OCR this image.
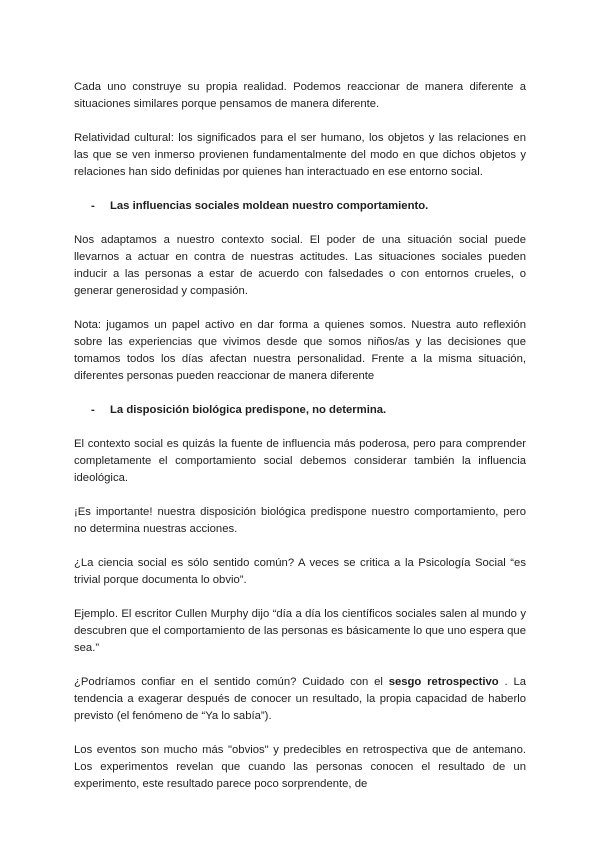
Cada uno construye su propia realidad. Podemos reaccionar de manera diferente a situaciones similares porque pensamos de manera diferente.

Relatividad cultural: los significados para el ser humano, los objetos y las relaciones en las que se ven inmerso provienen fundamentalmente del modo en que dichos objetos y relaciones han sido definidas por quienes han interactuado en ese entorno social.

-	Las influencias sociales moldean nuestro comportamiento.

Nos adaptamos a nuestro contexto social. El poder de una situación social puede llevarnos a actuar en contra de nuestras actitudes. Las situaciones sociales pueden inducir a las personas a estar de acuerdo con falsedades o con entornos crueles, o generar generosidad y compasión.

Nota: jugamos un papel activo en dar forma a quienes somos. Nuestra auto reflexión sobre las experiencias que vivimos desde que somos niños/as y las decisiones que tomamos todos los días afectan nuestra personalidad. Frente a la misma situación, diferentes personas pueden reaccionar de manera diferente

-	La disposición biológica predispone, no determina.

El contexto social es quizás la fuente de influencia más poderosa, pero para comprender completamente el comportamiento social debemos considerar también la influencia ideológica.

¡Es importante! nuestra disposición biológica predispone nuestro comportamiento, pero no determina nuestras acciones.

¿La ciencia social es sólo sentido común? A veces se critica a la Psicología Social “es trivial porque documenta lo obvio”.

Ejemplo. El escritor Cullen Murphy dijo “día a día los científicos sociales salen al mundo y descubren que el comportamiento de las personas es básicamente lo que uno espera que sea.”

¿Podríamos confiar en el sentido común? Cuidado con el sesgo retrospectivo . La tendencia a exagerar después de conocer un resultado, la propia capacidad de haberlo previsto (el fenómeno de “Ya lo sabía”).

Los eventos son mucho más "obvios" y predecibles en retrospectiva que de antemano. Los experimentos revelan que cuando las personas conocen el resultado de un experimento, este resultado parece poco sorprendente, de
